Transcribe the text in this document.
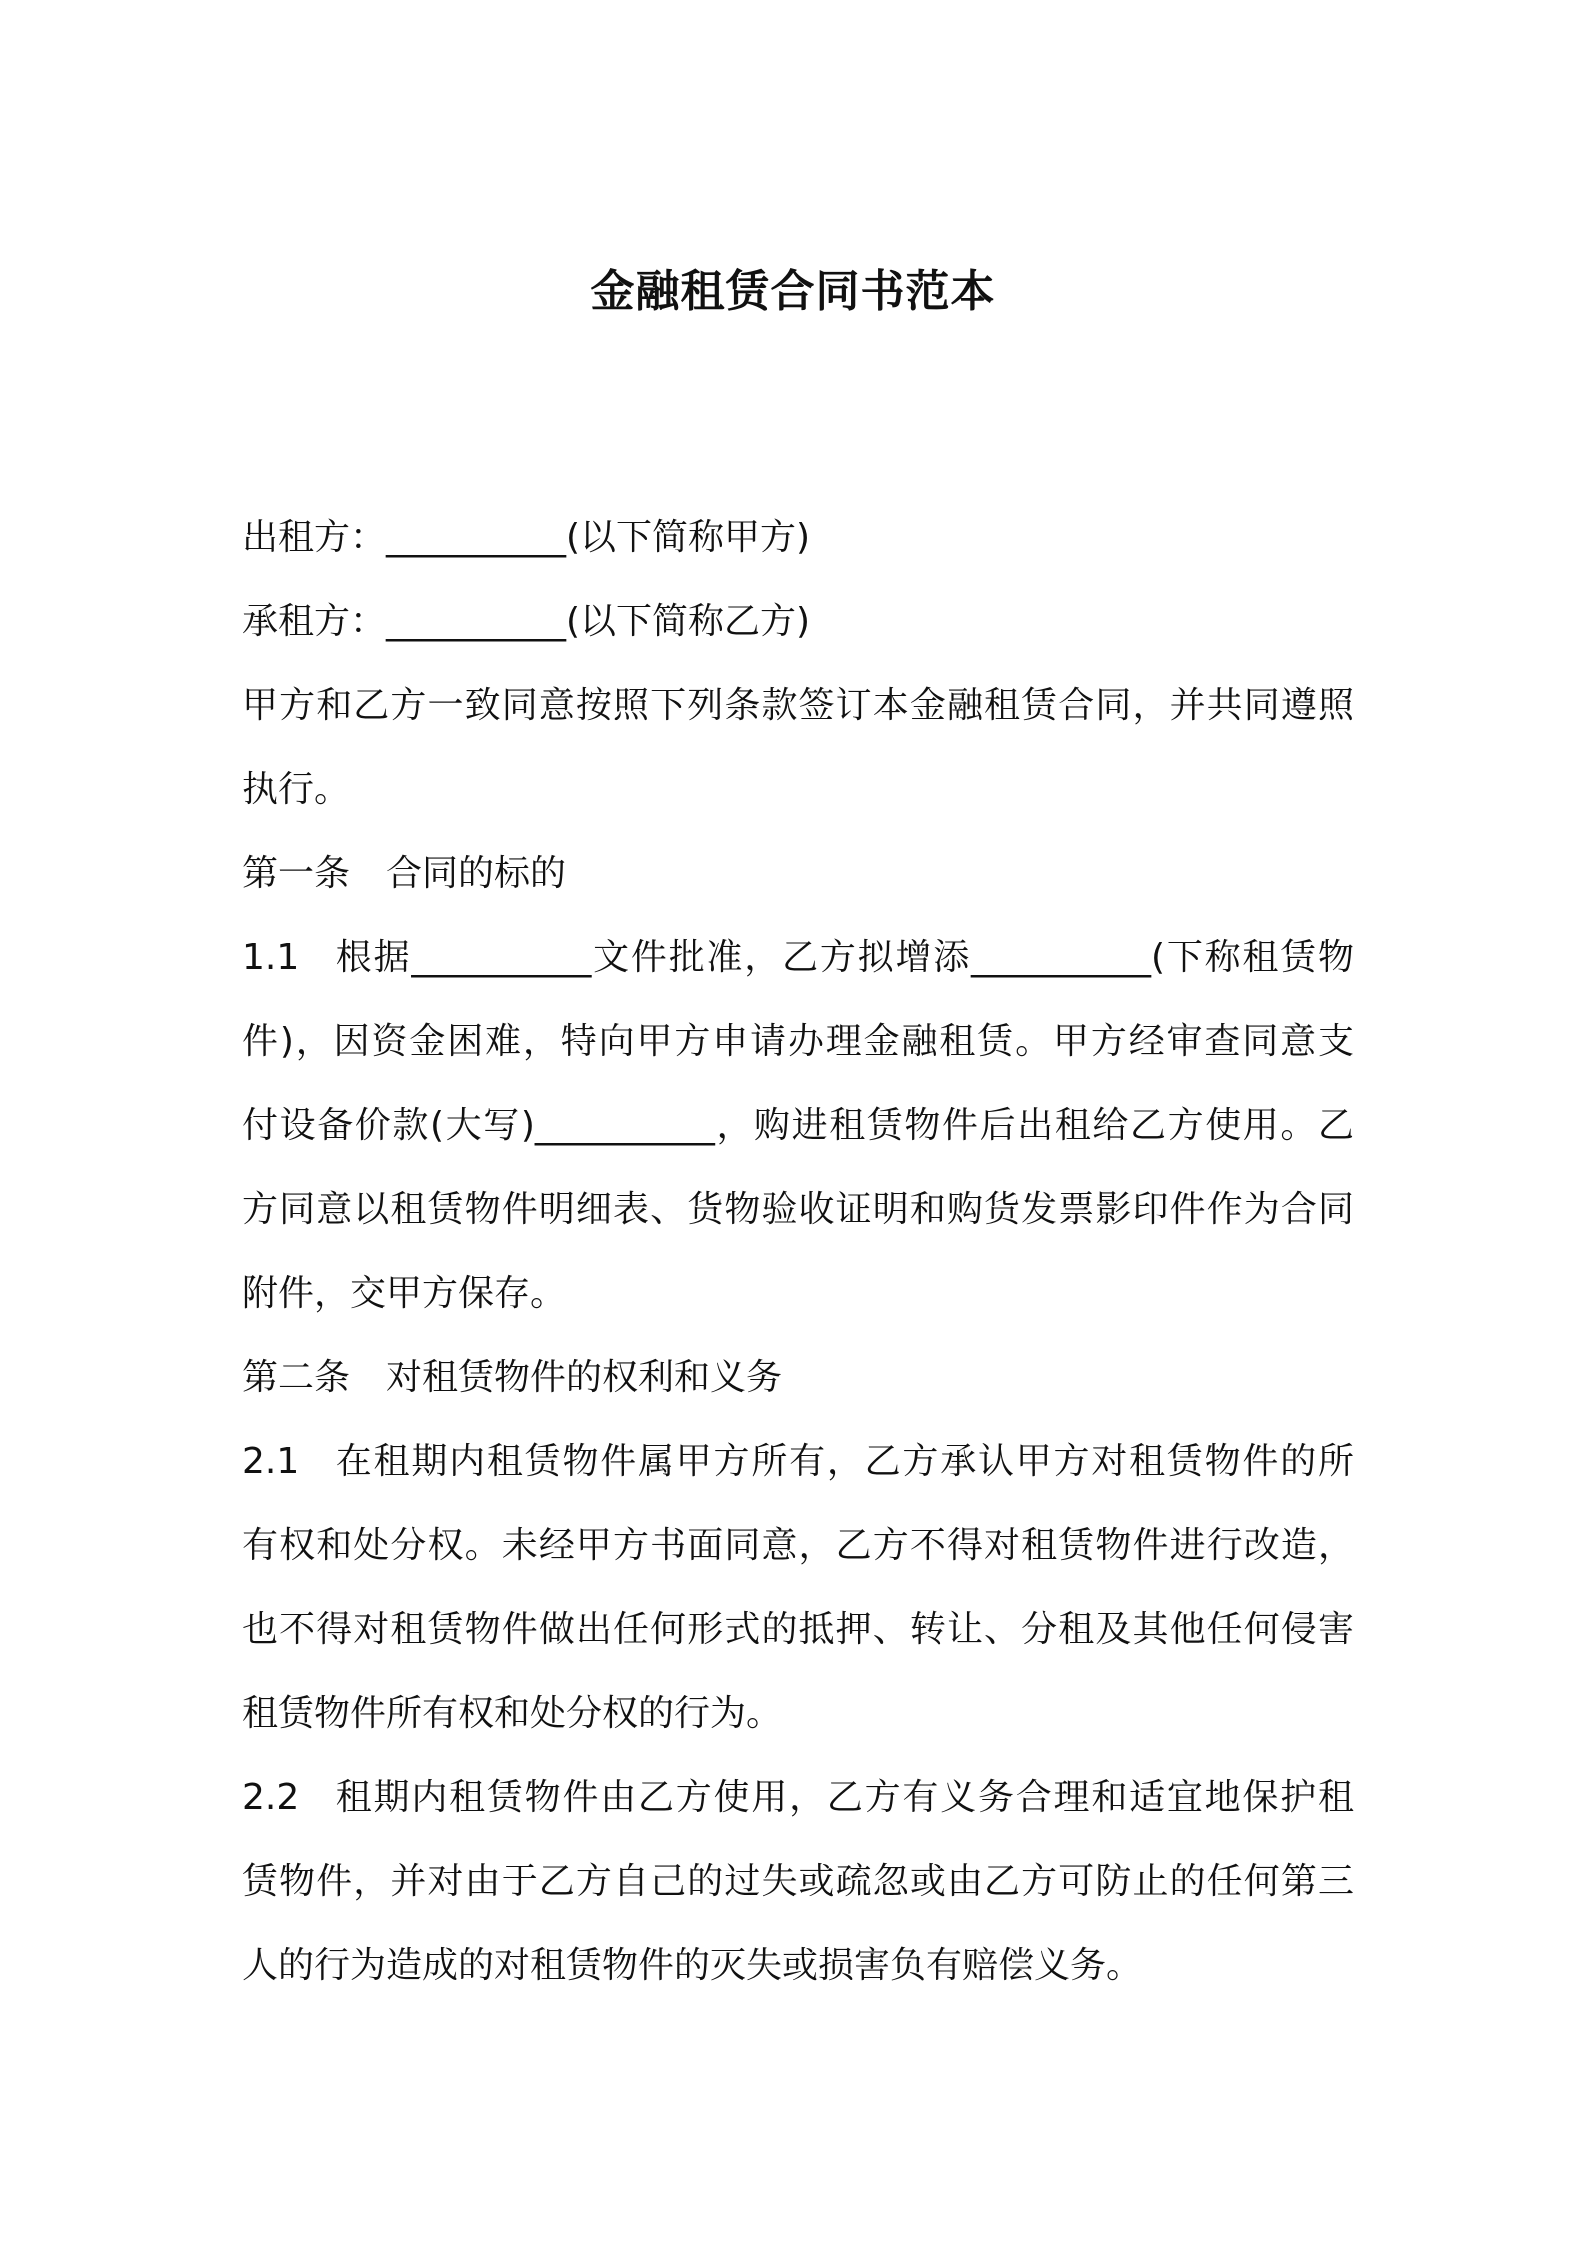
金融租赁合同书范本
出租方：__________(以下简称甲方)
承租方：__________(以下简称乙方)
甲方和乙方一致同意按照下列条款签订本金融租赁合同，并共同遵照
执行。
第一条 合同的标的
1.1 根据__________文件批准，乙方拟增添__________(下称租赁物
件)，因资金困难，特向甲方申请办理金融租赁。甲方经审查同意支
付设备价款(大写)__________，购进租赁物件后出租给乙方使用。乙
方同意以租赁物件明细表、货物验收证明和购货发票影印件作为合同
附件，交甲方保存。
第二条 对租赁物件的权利和义务
2.1 在租期内租赁物件属甲方所有，乙方承认甲方对租赁物件的所
有权和处分权。未经甲方书面同意，乙方不得对租赁物件进行改造，
也不得对租赁物件做出任何形式的抵押、转让、分租及其他任何侵害
租赁物件所有权和处分权的行为。
2.2 租期内租赁物件由乙方使用，乙方有义务合理和适宜地保护租
赁物件，并对由于乙方自己的过失或疏忽或由乙方可防止的任何第三
人的行为造成的对租赁物件的灭失或损害负有赔偿义务。
